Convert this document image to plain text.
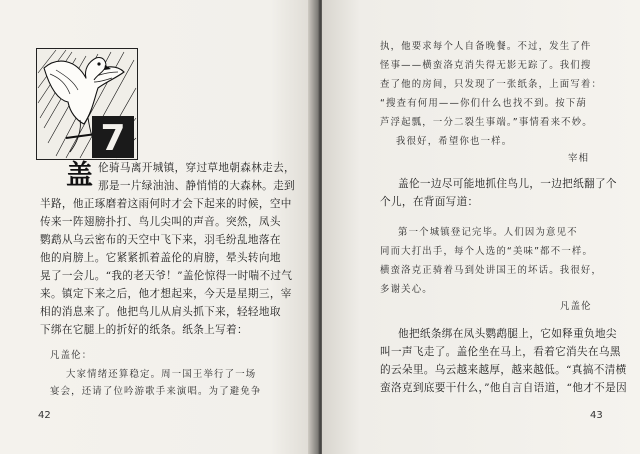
7
盖 伦骑马离开城镇，穿过草地朝森林走去，
那是一片绿油油、静悄悄的大森林。走到
半路，他正琢磨着这雨何时才会下起来的时候，空中
传来一阵翅膀扑打、鸟儿尖叫的声音。突然，凤头
鹦鹉从乌云密布的天空中飞下来，羽毛纷乱地落在
他的肩膀上。它紧紧抓着盖伦的肩膀，晕头转向地
晃了一会儿。“我的老天爷！”盖伦惊得一时喘不过气
来。镇定下来之后，他才想起来，今天是星期三，宰
相的消息来了。他把鸟儿从肩头抓下来，轻轻地取
下绑在它腿上的折好的纸条。纸条上写着：
凡盖伦：
大家情绪还算稳定。周一国王举行了一场
宴会，还请了位吟游歌手来演唱。为了避免争
42
执，他要求每个人自备晚餐。不过，发生了件
怪事——横蛮洛克消失得无影无踪了。我们搜
查了他的房间，只发现了一张纸条，上面写着：
“搜查有何用——你们什么也找不到。按下葫
芦浮起瓢，一分二裂生事端。”事情看来不妙。
我很好，希望你也一样。
宰相
盖伦一边尽可能地抓住鸟儿，一边把纸翻了个
个儿，在背面写道：
第一个城镇登记完毕。人们因为意见不
同而大打出手，每个人选的“美味”都不一样。
横蛮洛克正骑着马到处讲国王的坏话。我很好，
多谢关心。
凡盖伦
他把纸条绑在凤头鹦鹉腿上，它如释重负地尖
叫一声飞走了。盖伦坐在马上，看着它消失在乌黑
的云朵里。乌云越来越厚，越来越低。“真搞不清横
蛮洛克到底要干什么，”他自言自语道，“他才不是因
43
